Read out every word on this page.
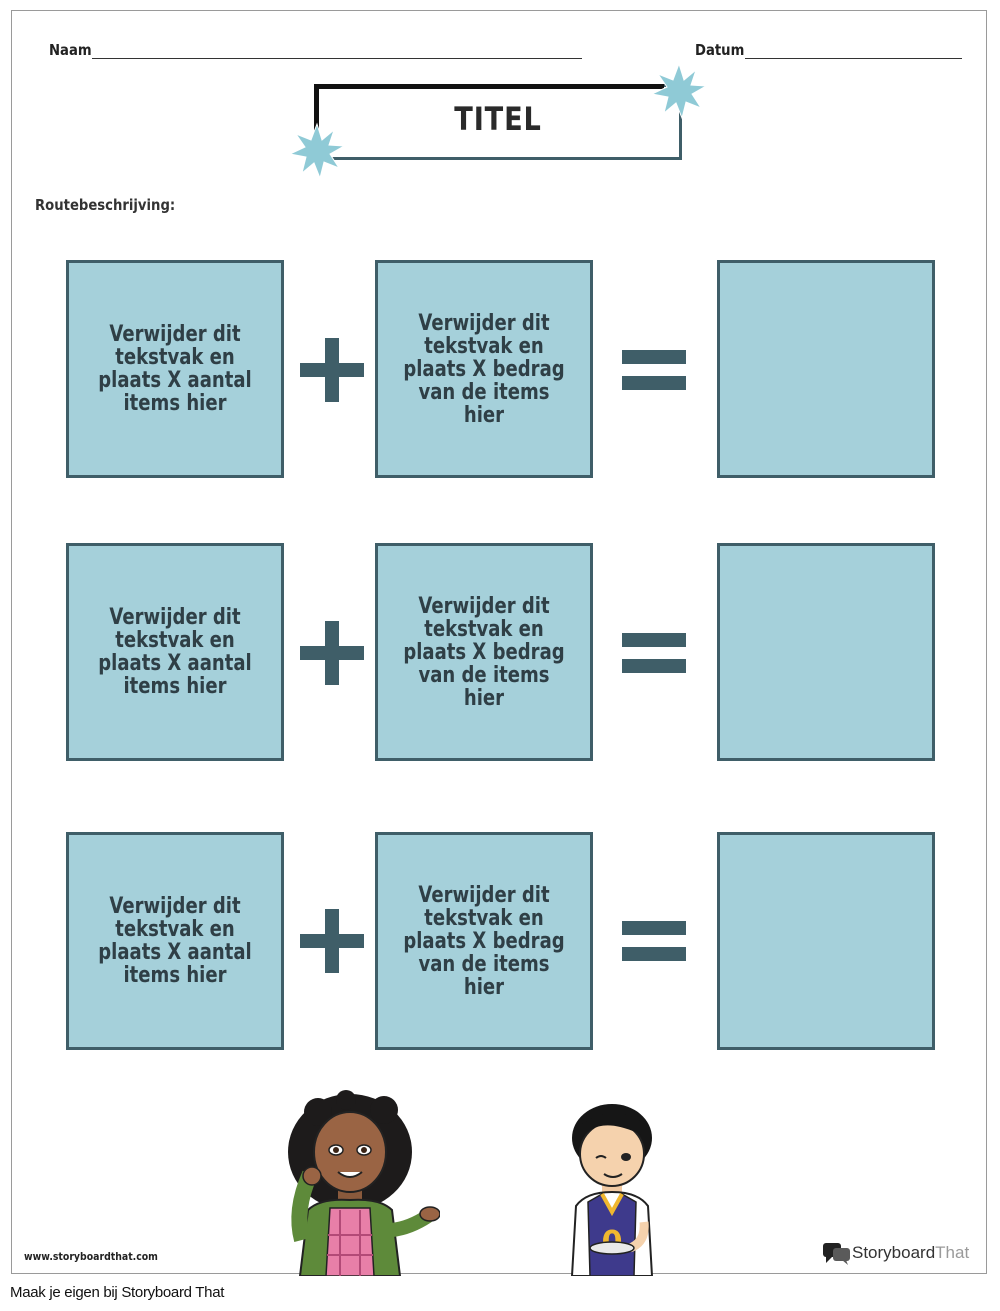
Naam	Datum
TITEL
Routebeschrijving:
Verwijder dit
tekstvak en
plaats X aantal
items hier
Verwijder dit
tekstvak en
plaats X bedrag
van de items hier
Verwijder dit
tekstvak en
plaats X aantal
items hier
Verwijder dit
tekstvak en
plaats X bedrag
van de items hier
Verwijder dit
tekstvak en
plaats X aantal
items hier
Verwijder dit
tekstvak en
plaats X bedrag
van de items hier
www.storyboardthat.com	Storyboard That
Maak je eigen bij Storyboard That
